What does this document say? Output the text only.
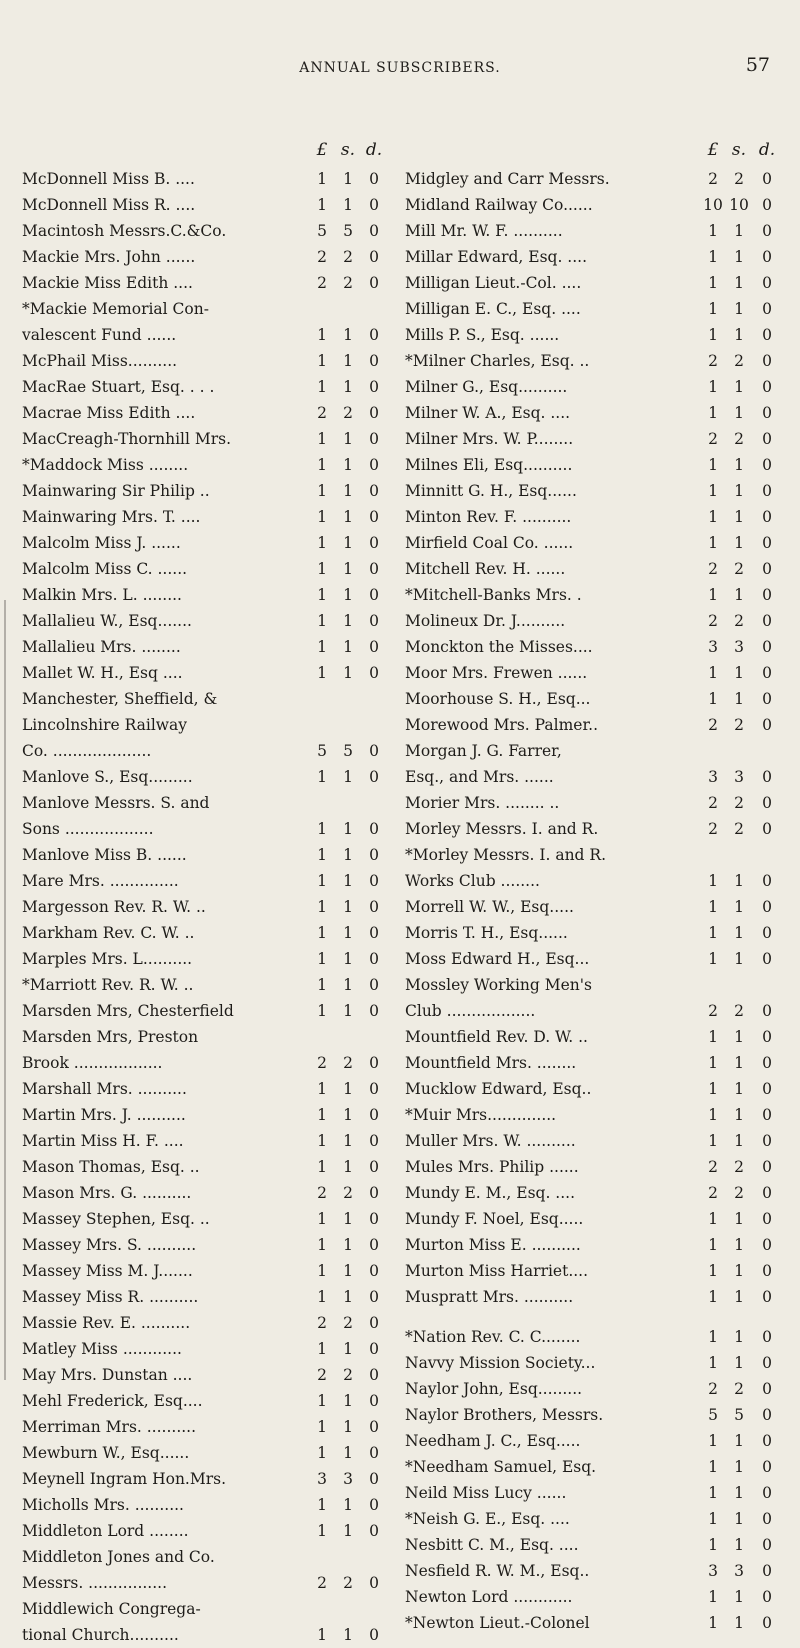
ANNUAL SUBSCRIBERS.	57
£ s. d.
McDonnell Miss B. ....	1	1	0
McDonnell Miss R. ....	1	1	0
Macintosh Messrs.C.&Co.	5	5	0
Mackie Mrs. John ......	2	2	0
Mackie Miss Edith ....	2	2	0
*Mackie Memorial Con-
valescent Fund ......	1	1	0
McPhail Miss..........	1	1	0
MacRae Stuart, Esq. . . .	1	1	0
Macrae Miss Edith ....	2	2	0
MacCreagh-Thornhill Mrs.	1	1	0
*Maddock Miss ........	1	1	0
Mainwaring Sir Philip ..	1	1	0
Mainwaring Mrs. T. ....	1	1	0
Malcolm Miss J. ......	1	1	0
Malcolm Miss C. ......	1	1	0
Malkin Mrs. L. ........	1	1	0
Mallalieu W., Esq.......	1	1	0
Mallalieu Mrs. ........	1	1	0
Mallet W. H., Esq ....	1	1	0
Manchester, Sheffield, &
Lincolnshire Railway
Co. ....................	5	5	0
Manlove S., Esq.........	1	1	0
Manlove Messrs. S. and
Sons ..................	1	1	0
Manlove Miss B. ......	1	1	0
Mare Mrs. ..............	1	1	0
Margesson Rev. R. W. ..	1	1	0
Markham Rev. C. W. ..	1	1	0
Marples Mrs. L..........	1	1	0
*Marriott Rev. R. W. ..	1	1	0
Marsden Mrs, Chesterfield	1	1	0
Marsden Mrs, Preston
Brook ..................	2	2	0
Marshall Mrs. ..........	1	1	0
Martin Mrs. J. ..........	1	1	0
Martin Miss H. F. ....	1	1	0
Mason Thomas, Esq. ..	1	1	0
Mason Mrs. G. ..........	2	2	0
Massey Stephen, Esq. ..	1	1	0
Massey Mrs. S. ..........	1	1	0
Massey Miss M. J.......	1	1	0
Massey Miss R. ..........	1	1	0
Massie Rev. E. ..........	2	2	0
Matley Miss ............	1	1	0
May Mrs. Dunstan ....	2	2	0
Mehl Frederick, Esq....	1	1	0
Merriman Mrs. ..........	1	1	0
Mewburn W., Esq......	1	1	0
Meynell Ingram Hon.Mrs.	3	3	0
Micholls Mrs. ..........	1	1	0
Middleton Lord ........	1	1	0
Middleton Jones and Co.
Messrs. ................	2	2	0
Middlewich Congrega-
tional Church..........	1	1	0
£ s. d.
Midgley and Carr Messrs.	2	2	0
Midland Railway Co......	10 10 0
Mill Mr. W. F. ..........	1	1	0
Millar Edward, Esq. ....	1	1	0
Milligan Lieut.-Col. ....	1	1	0
Milligan E. C., Esq. ....	1	1	0
Mills P. S., Esq. ......	1	1	0
*Milner Charles, Esq. ..	2	2	0
Milner G., Esq..........	1	1	0
Milner W. A., Esq. ....	1	1	0
Milner Mrs. W. P........	2	2	0
Milnes Eli, Esq..........	1	1	0
Minnitt G. H., Esq......	1	1	0
Minton Rev. F. ..........	1	1	0
Mirfield Coal Co. ......	1	1	0
Mitchell Rev. H. ......	2	2	0
*Mitchell-Banks Mrs. .	1	1	0
Molineux Dr. J..........	2	2	0
Monckton the Misses....	3	3	0
Moor Mrs. Frewen ......	1	1	0
Moorhouse S. H., Esq...	1	1	0
Morewood Mrs. Palmer..	2	2	0
Morgan J. G. Farrer,
Esq., and Mrs. ......	3	3	0
Morier Mrs. ........ ..	2	2	0
Morley Messrs. I. and R.	2	2	0
*Morley Messrs. I. and R.
Works Club ........	1	1	0
Morrell W. W., Esq.....	1	1	0
Morris T. H., Esq......	1	1	0
Moss Edward H., Esq...	1	1	0
Mossley Working Men's
Club ..................	2	2	0
Mountfield Rev. D. W. ..	1	1	0
Mountfield Mrs. ........	1	1	0
Mucklow Edward, Esq..	1	1	0
*Muir Mrs..............	1	1	0
Muller Mrs. W. ..........	1	1	0
Mules Mrs. Philip ......	2	2	0
Mundy E. M., Esq. ....	2	2	0
Mundy F. Noel, Esq.....	1	1	0
Murton Miss E. ..........	1	1	0
Murton Miss Harriet....	1	1	0
Muspratt Mrs. ..........	1	1	0
*Nation Rev. C. C........	1	1	0
Navvy Mission Society...	1	1	0
Naylor John, Esq.........	2	2	0
Naylor Brothers, Messrs.	5	5	0
Needham J. C., Esq.....	1	1	0
*Needham Samuel, Esq.	1	1	0
Neild Miss Lucy ......	1	1	0
*Neish G. E., Esq. ....	1	1	0
Nesbitt C. M., Esq. ....	1	1	0
Nesfield R. W. M., Esq..	3	3	0
Newton Lord ............	1	1	0
*Newton Lieut.-Colonel	1	1	0
